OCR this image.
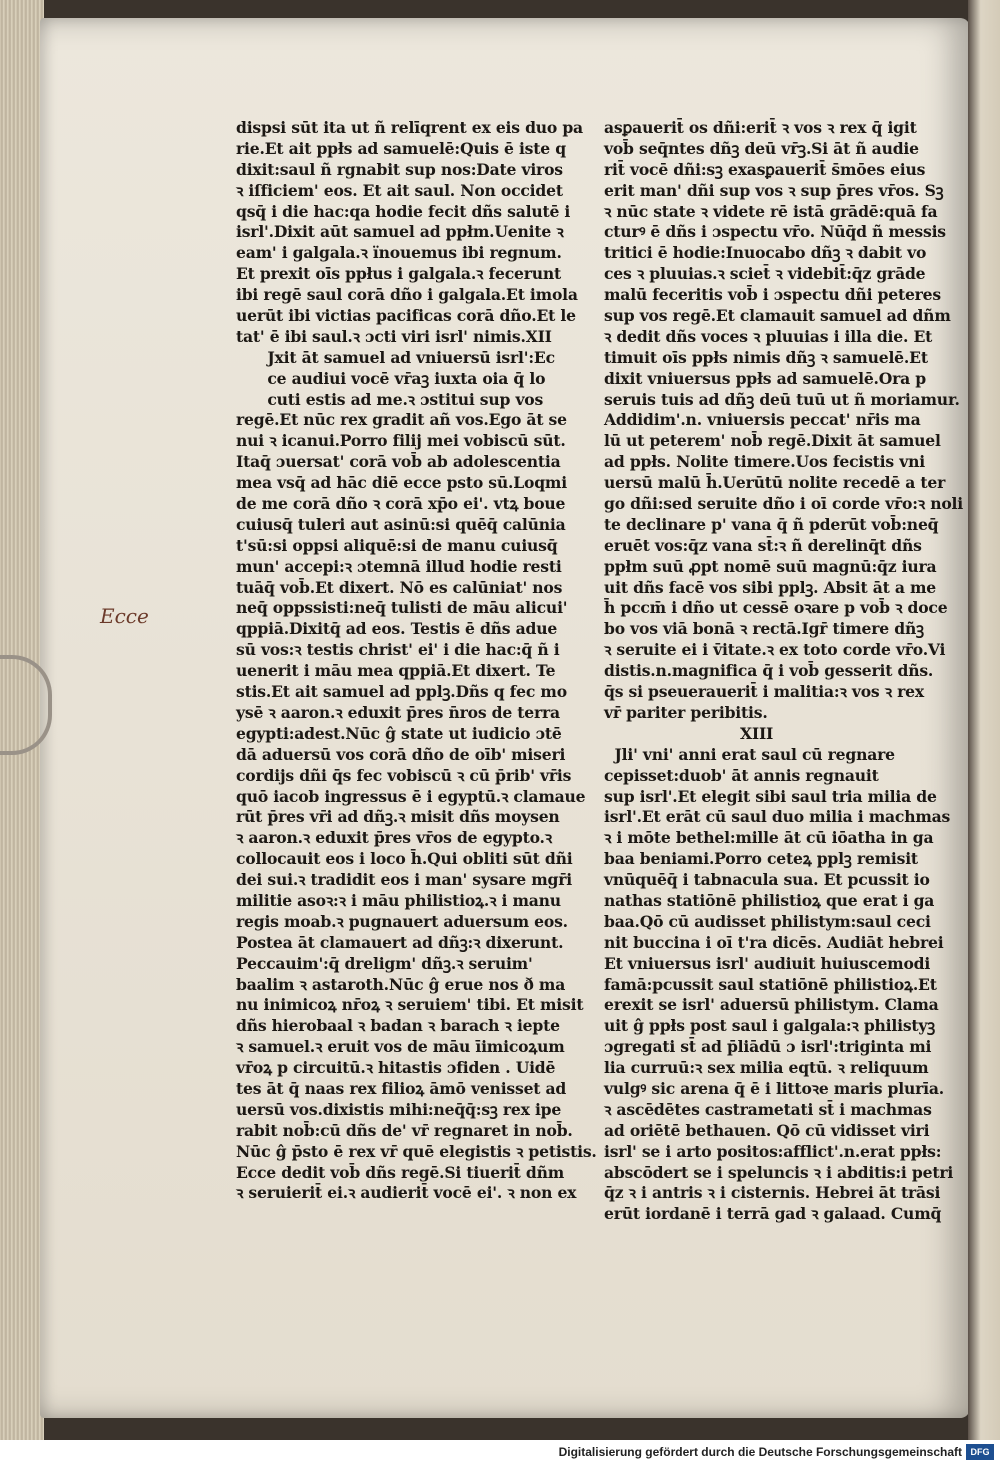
dispsi sūt ita ut ñ relīqrent ex eis duo pa
rie.Et ait ppłs ad samuelē:Quis ē iste q
dixit:saul ñ rgnabit sup nos:Date viros
ꝛ iſficiem' eos. Et ait saul. Non occidet
qsq̄ i die hac:qa hodie fecit dñs salutē i
isrl'.Dixit aūt samuel ad ppłm.Uenite ꝛ
eam' i galgala.ꝛ ïnouemus ibi regnum.
Et prexit oīs ppłus i galgala.ꝛ fecerunt
ibi regē saul corā dño i galgala.Et imola
uerūt ibi victias pacificas corā dño.Et le
tat' ē ibi saul.ꝛ ɔcti viri isrl' nimis.XII
Jxit āt samuel ad vniuersū isrl':Ec
ce audiui vocē vr̄aꝫ iuxta oia q̄ lo
cuti estis ad me.ꝛ ɔstitui sup vos
regē.Et nūc rex gradit añ vos.Ego āt se
nui ꝛ icanui.Porro filij mei vobiscū sūt.
Itaq̄ ɔuersat' corā vob̄ ab adolescentia
mea vsq̄ ad hāc diē ecce psto sū.Loqmi
de me corā dño ꝛ corā xp̄o ei'. vtꝝ boue
cuiusq̄ tuleri aut asinū:si quēq̄ calūnia
t'sū:si oppsi aliquē:si de manu cuiusq̄
mun' accepi:ꝛ ɔtemnā illud hodie resti
tuāq̄ vob̄.Et dixert. Nō es calūniat' nos
neq̄ oppssisti:neq̄ tulisti de māu alicui'
qppiā.Dixitq̄ ad eos. Testis ē dñs adue
sū vos:ꝛ testis christ' ei' i die hac:q̄ ñ i
uenerit i māu mea qppiā.Et dixert. Te
stis.Et ait samuel ad pplꝫ.Dñs q fec mo
ysē ꝛ aaron.ꝛ eduxit p̄res n̄ros de terra
egypti:adest.Nūc ĝ state ut iudicio ɔtē
dā aduersū vos corā dño de oīb' miseri
cordijs dñi q̄s fec vobiscū ꝛ cū p̄rib' vr̄is
quō iacob ingressus ē i egyptū.ꝛ clamaue
rūt p̄res vr̄i ad dñꝫ.ꝛ misit dñs moysen
ꝛ aaron.ꝛ eduxit p̄res vr̄os de egypto.ꝛ
collocauit eos i loco h̄.Qui obliti sūt dñi
dei sui.ꝛ tradidit eos i man' sysare mgr̄i
militie asoꝛ:ꝛ i māu philistioꝝ.ꝛ i manu
regis moab.ꝛ pugnauert aduersum eos.
Postea āt clamauert ad dñꝫ:ꝛ dixerunt.
Peccauim':q̄ dreligm' dñꝫ.ꝛ seruim'
baalim ꝛ astaroth.Nūc ĝ erue nos ð ma
nu inimicoꝝ nr̄oꝝ ꝛ seruiem' tibi. Et misit
dñs hierobaal ꝛ badan ꝛ barach ꝛ iepte
ꝛ samuel.ꝛ eruit vos de māu īimicoꝝum
vr̄oꝝ p circuitū.ꝛ hitastis ɔfiden . Uidē
tes āt q̄ naas rex filioꝝ āmō venisset ad
uersū vos.dixistis mihi:neq̄q̄:sꝫ rex ipe
rabit nob̄:cū dñs de' vr̄ regnaret in nob̄.
Nūc ĝ p̄sto ē rex vr̄ quē elegistis ꝛ petistis.
Ecce dedit vob̄ dñs regē.Si tiuerit̄ dñm
ꝛ seruierit̄ ei.ꝛ audierit̄ vocē ei'. ꝛ non ex
asꝑauerit̄ os dñi:erit̄ ꝛ vos ꝛ rex q̄ igit
vob̄ seq̄ntes dñꝫ deū vr̄ꝫ.Si āt ñ audie
rit̄ vocē dñi:sꝫ exasꝑauerit̄ s̄mōes eius
erit man' dñi sup vos ꝛ sup p̄res vr̄os. Sꝫ
ꝛ nūc state ꝛ videte rē istā grādē:quā fa
cturꝰ ē dñs i ɔspectu vr̄o. Nūq̄d ñ messis
tritici ē hodie:Inuocabo dñꝫ ꝛ dabit vo
ces ꝛ pluuias.ꝛ sciet̄ ꝛ videbit̄:q̄z grāde
malū feceritis vob̄ i ɔspectu dñi peteres
sup vos regē.Et clamauit samuel ad dñm
ꝛ dedit dñs voces ꝛ pluuias i illa die. Et
timuit oīs ppłs nimis dñꝫ ꝛ samuelē.Et
dixit vniuersus ppłs ad samuelē.Ora p
seruis tuis ad dñꝫ deū tuū ut ñ moriamur.
Addidim'.n. vniuersis peccat' nr̄is ma
lū ut peterem' nob̄ regē.Dixit āt samuel
ad ppłs. Nolite timere.Uos fecistis vni
uersū malū h̄.Uerūtū nolite recedē a ter
go dñi:sed seruite dño i oī corde vr̄o:ꝛ noli
te declinare p' vana q̄ ñ pderūt vob̄:neq̄
eruēt vos:q̄z vana st̄:ꝛ ñ derelinq̄t dñs
ppłm suū ꝓpt nomē suū magnū:q̄z iura
uit dñs facē vos sibi pplꝫ. Absit āt a me
h̄ pccm̄ i dño ut cessē oꝛare p vob̄ ꝛ doce
bo vos viā bonā ꝛ rectā.Igr̄ timere dñꝫ
ꝛ seruite ei i v̄itate.ꝛ ex toto corde vr̄o.Vi
distis.n.magnifica q̄ i vob̄ gesserit dñs.
q̄s si pseuerauerit̄ i malitia:ꝛ vos ꝛ rex
vr̄ pariter peribitis.
XIII
Jli' vni' anni erat saul cū regnare
cepisset:duob' āt annis regnauit
sup isrl'.Et elegit sibi saul tria milia de
isrl'.Et erāt cū saul duo milia i machmas
ꝛ i mōte bethel:mille āt cū iōatha in ga
baa beniami.Porro ceteꝝ pplꝫ remisit
vnūquēq̄ i tabnacula sua. Et pcussit io
nathas statiōnē philistioꝝ que erat i ga
baa.Qō cū audisset philistym:saul ceci
nit buccina i oī t'ra dicēs. Audiāt hebrei
Et vniuersus isrl' audiuit huiuscemodi
famā:pcussit saul statiōnē philistioꝝ.Et
erexit se isrl' aduersū philistym. Clama
uit ĝ ppłs post saul i galgala:ꝛ philistyꝫ
ɔgregati st̄ ad p̄liādū ɔ isrl':triginta mi
lia curruū:ꝛ sex milia eqtū. ꝛ reliquum
vulgꝰ sic arena q̄ ē i littoꝛe maris plurīa.
ꝛ ascēdētes castrametati st̄ i machmas
ad oriētē bethauen. Qō cū vidisset viri
isrl' se i arto positos:afflict'.n.erat ppłs:
abscōdert se i speluncis ꝛ i abditis:i petri
q̄z ꝛ i antris ꝛ i cisternis. Hebrei āt trāsi
erūt iordanē i terrā gad ꝛ galaad. Cumq̄
Ecce
Digitalisierung gefördert durch die Deutsche Forschungsgemeinschaft DFG
